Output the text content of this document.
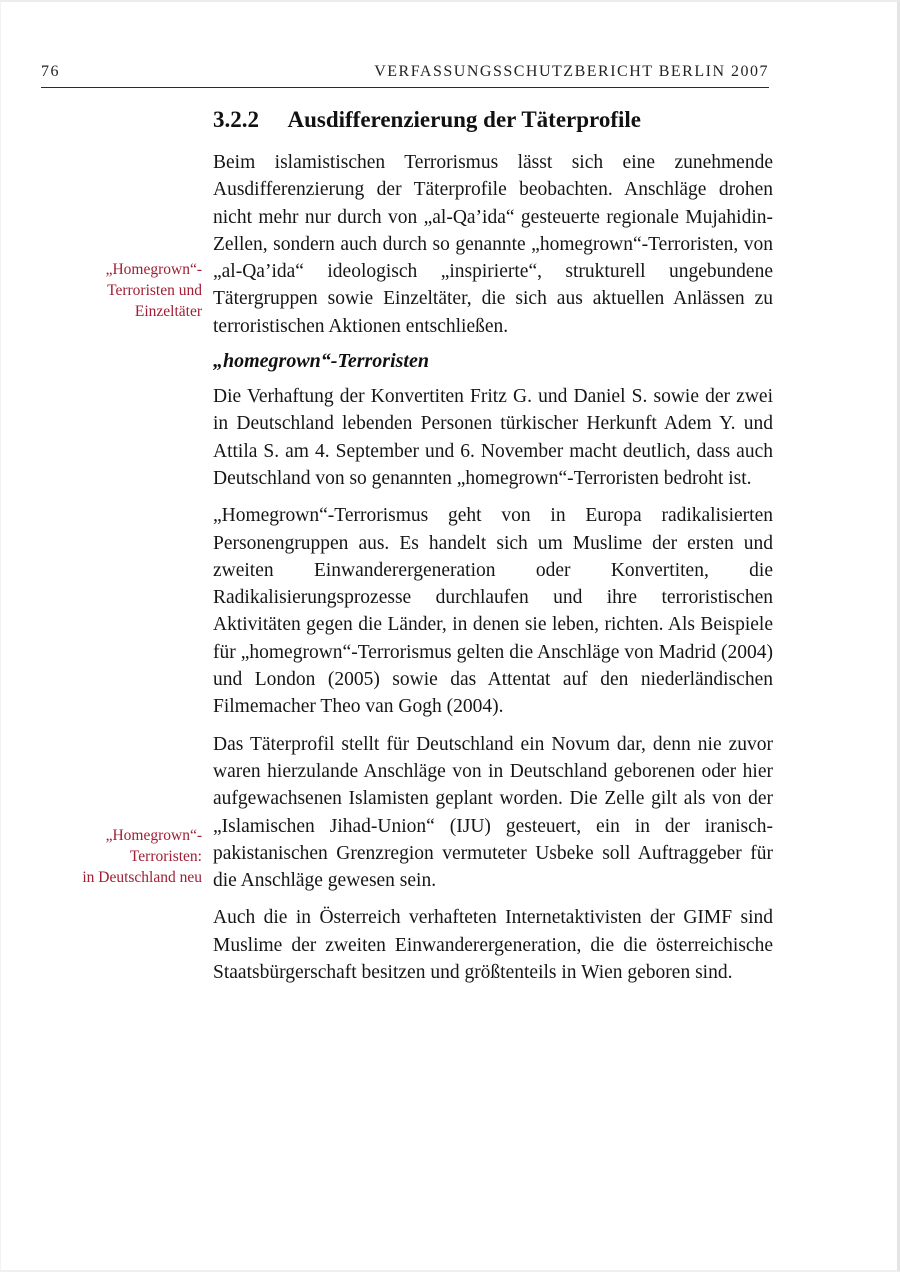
76	VERFASSUNGSSCHUTZBERICHT BERLIN 2007
„Homegrown“-
Terroristen und
Einzeltäter
„Homegrown“-
Terroristen:
in Deutschland neu
3.2.2 Ausdifferenzierung der Täterprofile

Beim islamistischen Terrorismus lässt sich eine zunehmende Ausdifferenzierung der Täterprofile beobachten. Anschläge drohen nicht mehr nur durch von „al-Qa’ida“ gesteuerte regionale Mujahidin-Zellen, sondern auch durch so genannte „homegrown“-Terroristen, von „al-Qa’ida“ ideologisch „inspirierte“, strukturell ungebundene Tätergruppen sowie Einzeltäter, die sich aus aktuellen Anlässen zu terroristischen Aktionen entschließen.

„homegrown“-Terroristen

Die Verhaftung der Konvertiten Fritz G. und Daniel S. sowie der zwei in Deutschland lebenden Personen türkischer Herkunft Adem Y. und Attila S. am 4. September und 6. November macht deutlich, dass auch Deutschland von so genannten „homegrown“-Terroristen bedroht ist.

„Homegrown“-Terrorismus geht von in Europa radikalisierten Personengruppen aus. Es handelt sich um Muslime der ersten und zweiten Einwanderergeneration oder Konvertiten, die Radikalisierungsprozesse durchlaufen und ihre terroristischen Aktivitäten gegen die Länder, in denen sie leben, richten. Als Beispiele für „homegrown“-Terrorismus gelten die Anschläge von Madrid (2004) und London (2005) sowie das Attentat auf den niederländischen Filmemacher Theo van Gogh (2004).

Das Täterprofil stellt für Deutschland ein Novum dar, denn nie zuvor waren hierzulande Anschläge von in Deutschland geborenen oder hier aufgewachsenen Islamisten geplant worden. Die Zelle gilt als von der „Islamischen Jihad-Union“ (IJU) gesteuert, ein in der iranisch-pakistanischen Grenzregion vermuteter Usbeke soll Auftraggeber für die Anschläge gewesen sein.

Auch die in Österreich verhafteten Internetaktivisten der GIMF sind Muslime der zweiten Einwanderergeneration, die die österreichische Staatsbürgerschaft besitzen und größtenteils in Wien geboren sind.
